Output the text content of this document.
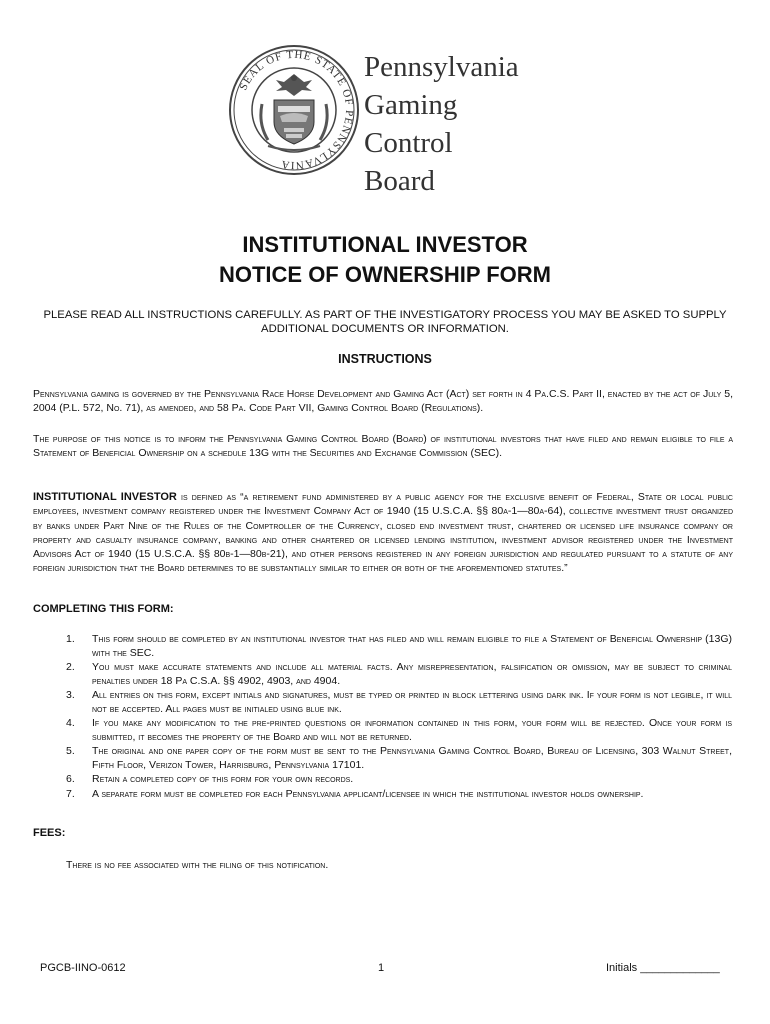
SEAL OF THE STATE OF PENNSYLVANIA
Pennsylvania
Gaming
Control
Board
INSTITUTIONAL INVESTOR
NOTICE OF OWNERSHIP FORM
PLEASE READ ALL INSTRUCTIONS CAREFULLY. AS PART OF THE INVESTIGATORY PROCESS YOU MAY BE ASKED TO SUPPLY ADDITIONAL DOCUMENTS OR INFORMATION.
INSTRUCTIONS
Pennsylvania gaming is governed by the Pennsylvania Race Horse Development and Gaming Act (Act) set forth in 4 Pa.C.S. Part II, enacted by the act of July 5, 2004 (P.L. 572, No. 71), as amended, and 58 Pa. Code Part VII, Gaming Control Board (Regulations).
The purpose of this notice is to inform the Pennsylvania Gaming Control Board (Board) of institutional investors that have filed and remain eligible to file a Statement of Beneficial Ownership on a schedule 13G with the Securities and Exchange Commission (SEC).
INSTITUTIONAL INVESTOR is defined as “a retirement fund administered by a public agency for the exclusive benefit of Federal, State or local public employees, investment company registered under the Investment Company Act of 1940 (15 U.S.C.A. §§ 80a-1—80a-64), collective investment trust organized by banks under Part Nine of the Rules of the Comptroller of the Currency, closed end investment trust, chartered or licensed life insurance company or property and casualty insurance company, banking and other chartered or licensed lending institution, investment advisor registered under the Investment Advisors Act of 1940 (15 U.S.C.A. §§ 80b-1—80b-21), and other persons registered in any foreign jurisdiction and regulated pursuant to a statute of any foreign jurisdiction that the Board determines to be substantially similar to either or both of the aforementioned statutes.”
COMPLETING THIS FORM:
1. This form should be completed by an institutional investor that has filed and will remain eligible to file a Statement of Beneficial Ownership (13G) with the SEC.
2. You must make accurate statements and include all material facts. Any misrepresentation, falsification or omission, may be subject to criminal penalties under 18 Pa C.S.A. §§ 4902, 4903, and 4904.
3. All entries on this form, except initials and signatures, must be typed or printed in block lettering using dark ink. If your form is not legible, it will not be accepted. All pages must be initialed using blue ink.
4. If you make any modification to the pre-printed questions or information contained in this form, your form will be rejected. Once your form is submitted, it becomes the property of the Board and will not be returned.
5. The original and one paper copy of the form must be sent to the Pennsylvania Gaming Control Board, Bureau of Licensing, 303 Walnut Street, Fifth Floor, Verizon Tower, Harrisburg, Pennsylvania 17101.
6. Retain a completed copy of this form for your own records.
7. A separate form must be completed for each Pennsylvania applicant/licensee in which the institutional investor holds ownership.
FEES:
There is no fee associated with the filing of this notification.
PGCB-IINO-0612	1	Initials _____________
